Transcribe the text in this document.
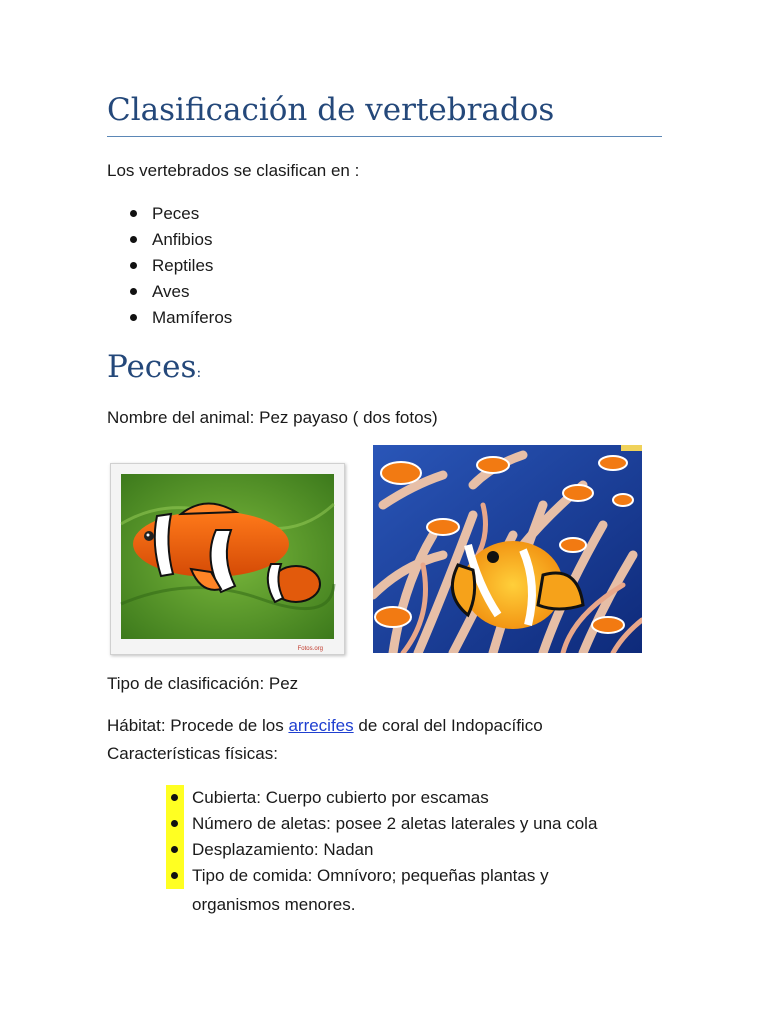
Clasificación de vertebrados
Los vertebrados se clasifican en :
Peces
Anfibios
Reptiles
Aves
Mamíferos
Peces:
Nombre del animal: Pez payaso ( dos fotos)
Fotos.org
Tipo de clasificación: Pez
Hábitat: Procede de los arrecifes de coral del Indopacífico
Características físicas:
Cubierta: Cuerpo cubierto por escamas
Número de aletas: posee 2 aletas laterales y una cola
Desplazamiento: Nadan
Tipo de comida: Omnívoro; pequeñas plantas y
organismos menores.
